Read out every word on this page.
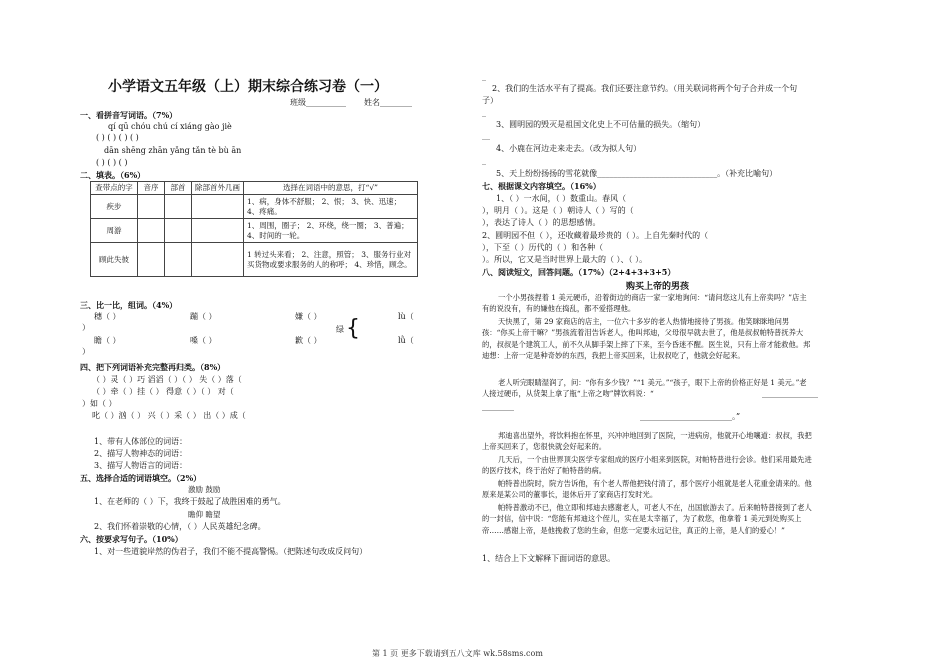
小学语文五年级（上）期末综合练习卷（一）
班级__________ 姓名________
一、看拼音写词语。（7%）
qí qū chóu chú cí xiáng gào jiè
( ) ( ) ( ) ( )
dān shēng zhān yǎng tǎn tè bù ān
( ) ( ) ( )
二、填表。（6%）
查带点的字	音序	部首	除部首外几画	选择在词语中的意思，打“√”
疾步				1、病，身体不舒服； 2、恨； 3、快、迅速； 4、疼痛。
周游				1、周围，圈子； 2、环绕，绕一圈； 3、普遍； 4、时间的一轮。
顾此失彼				1 转过头来看； 2、注意，照管； 3、服务行业对买货物或要求服务的人的称呼； 4、珍惜，顾念。
三、比一比，组词。（4%）
穗（ ）	蹦（ ）	嫌（ ）	lù（
）	绿 {
瞻（ ）	嗓（ ）	歉（ ）	lǜ（
）
四、把下列词语补充完整再归类。（8%）
（ ）灵（ ）巧 滔滔（ ）（ ） 失（ ）落（
（ ）牵（ ）挂（ ） 得意（ ）（ ） 对（
）如（ ）
叱（ ）汹（ ） 兴（ ）采（ ） 出（ ）成（
1、带有人体部位的词语：
2、描写人物神态的词语：
3、描写人物语言的词语：
五、选择合适的词语填空。（2%）
激励 鼓励
1、在老师的（ ）下，我终于鼓起了战胜困难的勇气。
瞻仰 瞻望
2、我们怀着崇敬的心情，（ ）人民英雄纪念碑。
六、按要求写句子。（10%）
1、对一些道貌岸然的伪君子，我们不能不提高警惕。（把陈述句改成反问句）
_
2、我们的生活水平有了提高。我们还要注意节约。（用关联词将两个句子合并成一个句
子）
_
3、圆明园的毁灭是祖国文化史上不可估量的损失。（缩句）
__
4、小鹿在河边走来走去。（改为拟人句）
_
5、天上纷纷扬扬的雪花就像______________________________。（补充比喻句）
七、根据课文内容填空。（16%）
1、（ ）一水间，（ ）数重山。春风（
），明月（ ）。这是（ ）朝诗人（ ）写的（
），表达了诗人（ ）的思想感情。
2、圆明园不但（ ），还收藏着最珍贵的（ ）。上自先秦时代的（
），下至（ ）历代的（ ）和各种（
）。所以，它又是当时世界上最大的（ ）、（ ）。
八、阅读短文，回答问题。（17%）（2+4+3+3+5）
购买上帝的男孩
一个小男孩捏着 1 美元硬币，沿着街边的商店一家一家地询问：“请问您这儿有上帝卖吗？”店主有的说没有，有的嫌他在捣乱，都不爱搭理他。
天快黑了，第 29 家商店的店主，一位六十多岁的老人热情地接待了男孩。他笑眯眯地问男孩：“你买上帝干嘛？”男孩流着泪告诉老人，他叫邦迪，父母很早就去世了，他是叔叔帕特普抚养大的，叔叔是个建筑工人，前不久从脚手架上摔了下来，至今昏迷不醒。医生说，只有上帝才能救他。邦迪想：上帝一定是种奇妙的东西，我把上帝买回来，让叔叔吃了，他就会好起来。
老人听完眼睛湿润了，问：“你有多少钱？”“1 美元。”“孩子，眼下上帝的价格正好是 1 美元。”老人接过硬币，从货架上拿了瓶“上帝之吻”牌饮料说：“	______________
________
_______________________。”
邦迪喜出望外，将饮料抱在怀里，兴冲冲地回到了医院，一进病房，他就开心地嚷道：叔叔，我把上帝买回来了，您很快就会好起来的。
几天后，一个由世界顶尖医学专家组成的医疗小组来到医院，对帕特普进行会诊。他们采用最先进的医疗技术，终于治好了帕特普的病。
帕特普出院时，院方告诉他，有个老人帮他把钱付清了，那个医疗小组就是老人花重金请来的。他原来是某公司的董事长，退休后开了家商店打发时光。
帕特普激动不已，他立即和邦迪去感谢老人，可老人不在，出国旅游去了。后来帕特普接到了老人的一封信，信中说：“您能有邦迪这个侄儿，实在是太幸福了，为了救您，他拿着 1 美元到处购买上帝……感谢上帝，是他挽救了您的生命，但您一定要永远记住，真正的上帝，是人们的爱心！”
1、结合上下文解释下面词语的意思。
第 1 页 更多下载请到五八文库 wk.58sms.com
